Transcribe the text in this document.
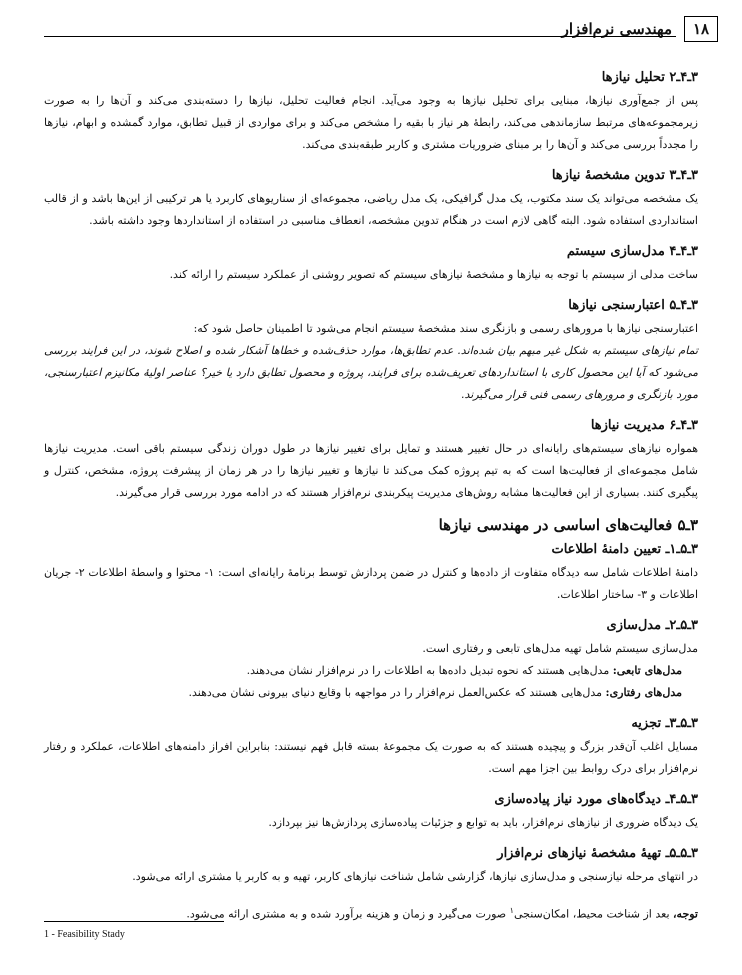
۱۸
مهندسی نرم‌افزار
۳ـ۴ـ۲ تحلیل نیازها

پس از جمع‌آوری نیازها، مبنایی برای تحلیل نیازها به وجود می‌آید. انجام فعالیت تحلیل، نیازها را دسته‌بندی می‌کند و آن‌ها را به صورت زیرمجموعه‌های مرتبط سازماندهی می‌کند، رابطهٔ هر نیاز با بقیه را مشخص می‌کند و برای مواردی از قبیل تطابق، موارد گمشده و ابهام، نیازها را مجدداً بررسی می‌کند و آن‌ها را بر مبنای ضروریات مشتری و کاربر طبقه‌بندی می‌کند.

۳ـ۴ـ۳ تدوین مشخصهٔ نیازها

یک مشخصه می‌تواند یک سند مکتوب، یک مدل گرافیکی، یک مدل ریاضی، مجموعه‌ای از سناریوهای کاربرد یا هر ترکیبی از این‌ها باشد و از قالب استانداردی استفاده شود. البته گاهی لازم است در هنگام تدوین مشخصه، انعطاف مناسبی در استفاده از استانداردها وجود داشته باشد.

۳ـ۴ـ۴ مدل‌سازی سیستم

ساخت مدلی از سیستم با توجه به نیازها و مشخصهٔ نیازهای سیستم که تصویر روشنی از عملکرد سیستم را ارائه کند.

۳ـ۴ـ۵ اعتبارسنجی نیازها

اعتبارسنجی نیازها با مرورهای رسمی و بازنگری سند مشخصهٔ سیستم انجام می‌شود تا اطمینان حاصل شود که:

تمام نیازهای سیستم به شکل غیر مبهم بیان شده‌اند. عدم تطابق‌ها، موارد حذف‌شده و خطاها آشکار شده و اصلاح شوند، در این فرایند بررسی می‌شود که آیا این محصول کاری با استانداردهای تعریف‌شده برای فرایند، پروژه و محصول تطابق دارد یا خیر؟ عناصر اولیهٔ مکانیزم اعتبارسنجی، مورد بازنگری و مرورهای رسمی فنی قرار می‌گیرند.

۳ـ۴ـ۶ مدیریت نیازها

همواره نیازهای سیستم‌های رایانه‌ای در حال تغییر هستند و تمایل برای تغییر نیازها در طول دوران زندگی سیستم باقی است. مدیریت نیازها شامل مجموعه‌ای از فعالیت‌ها است که به تیم پروژه کمک می‌کند تا نیازها و تغییر نیازها را در هر زمان از پیشرفت پروژه، مشخص، کنترل و پیگیری کنند. بسیاری از این فعالیت‌ها مشابه روش‌های مدیریت پیکربندی نرم‌افزار هستند که در ادامه مورد بررسی قرار می‌گیرند.

۳ـ۵ فعالیت‌های اساسی در مهندسی نیازها
۳ـ۵ـ۱ـ تعیین دامنهٔ اطلاعات

دامنهٔ اطلاعات شامل سه دیدگاه متفاوت از داده‌ها و کنترل در ضمن پردازش توسط برنامهٔ رایانه‌ای است: ۱- محتوا و واسطهٔ اطلاعات ۲- جریان اطلاعات و ۳- ساختار اطلاعات.

۳ـ۵ـ۲ـ مدل‌سازی

مدل‌سازی سیستم شامل تهیه مدل‌های تابعی و رفتاری است.

مدل‌های تابعی: مدل‌هایی هستند که نحوه تبدیل داده‌ها به اطلاعات را در نرم‌افزار نشان می‌دهند.

مدل‌های رفتاری: مدل‌هایی هستند که عکس‌العمل نرم‌افزار را در مواجهه با وقایع دنیای بیرونی نشان می‌دهند.

۳ـ۵ـ۳ـ تجزیه

مسایل اغلب آن‌قدر بزرگ و پیچیده هستند که به صورت یک مجموعهٔ بسته قابل فهم نیستند: بنابراین افراز دامنه‌های اطلاعات، عملکرد و رفتار نرم‌افزار برای درک روابط بین اجزا مهم است.

۳ـ۵ـ۴ـ دیدگاه‌های مورد نیاز پیاده‌سازی

یک دیدگاه ضروری از نیازهای نرم‌افزار، باید به توابع و جزئیات پیاده‌سازی پردازش‌ها نیز بپردازد.

۳ـ۵ـ۵ـ تهیهٔ مشخصهٔ نیازهای نرم‌افزار

در انتهای مرحله نیازسنجی و مدل‌سازی نیازها، گزارشی شامل شناخت نیازهای کاربر، تهیه و به کاربر یا مشتری ارائه می‌شود.

توجه، بعد از شناخت محیط، امکان‌سنجی$^۱$ صورت می‌گیرد و زمان و هزینه برآورد شده و به مشتری ارائه می‌شود.

1 - Feasibility Stady
